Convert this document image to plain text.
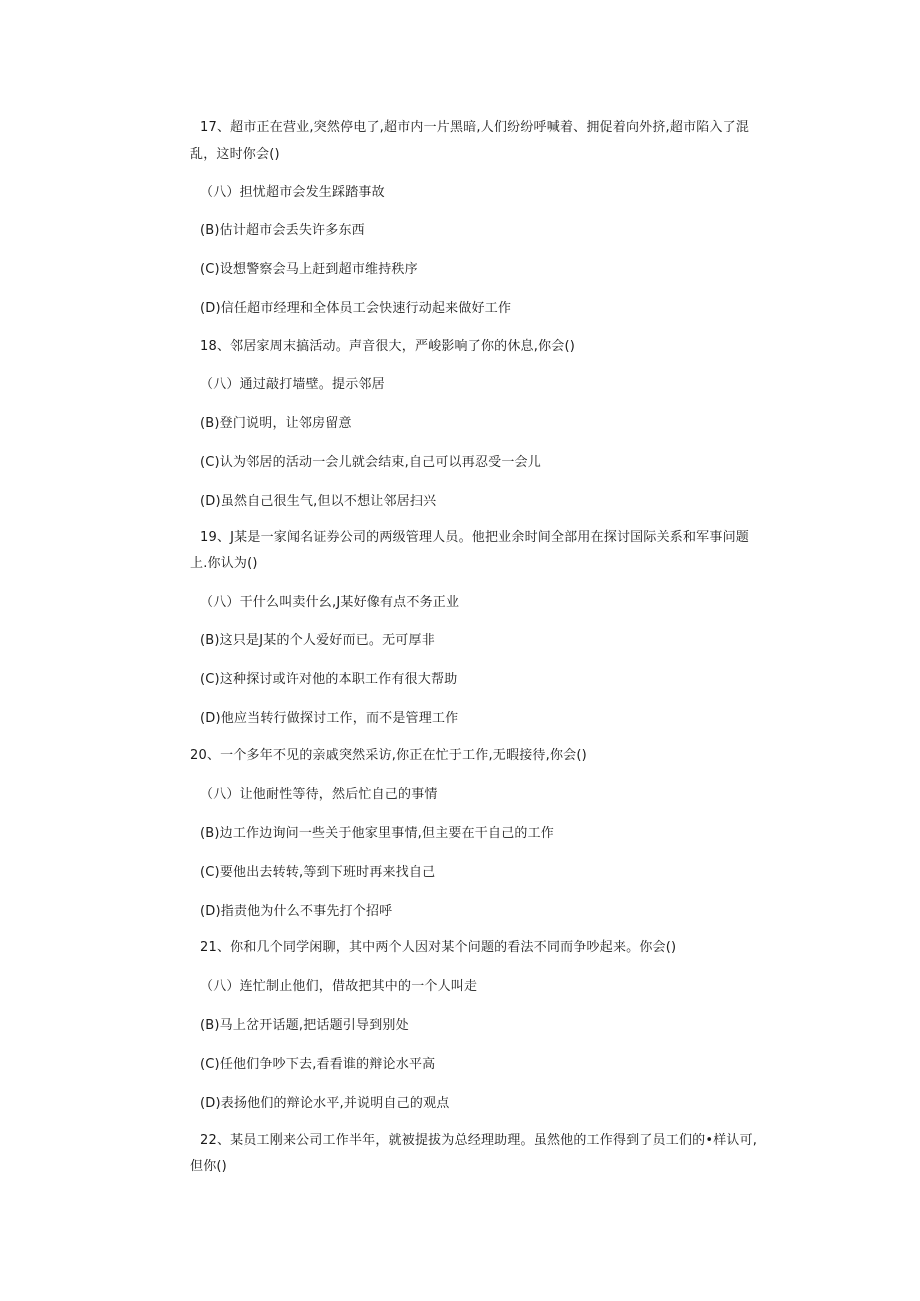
17、超市正在营业,突然停电了,超市内一片黑暗,人们纷纷呼喊着、拥促着向外挤,超市陷入了混
乱，这时你会()
（八）担忧超市会发生踩踏事故
(B)估计超市会丢失许多东西
(C)设想警察会马上赶到超市维持秩序
(D)信任超市经理和全体员工会快速行动起来做好工作
18、邻居家周末搞活动。声音很大，严峻影响了你的休息,你会()
（八）通过敲打墙壁。提示邻居
(B)登门说明，让邻房留意
(C)认为邻居的活动一会儿就会结束,自己可以再忍受一会儿
(D)虽然自己很生气,但以不想让邻居扫兴
19、J某是一家闻名证券公司的两级管理人员。他把业余时间全部用在探讨国际关系和军事问题
上.你认为()
（八）干什么叫卖什幺,J某好像有点不务正业
(B)这只是J某的个人爱好而已。无可厚非
(C)这种探讨或许对他的本职工作有很大帮助
(D)他应当转行做探讨工作，而不是管理工作
20、一个多年不见的亲戚突然采访,你正在忙于工作,无暇接待,你会()
（八）让他耐性等待，然后忙自己的事情
(B)边工作边询问一些关于他家里事情,但主要在干自己的工作
(C)要他出去转转,等到下班时再来找自己
(D)指责他为什么不事先打个招呼
21、你和几个同学闲聊，其中两个人因对某个问题的看法不同而争吵起来。你会()
（八）连忙制止他们，借故把其中的一个人叫走
(B)马上岔开话题,把话题引导到别处
(C)任他们争吵下去,看看谁的辩论水平高
(D)表扬他们的辩论水平,并说明自己的观点
22、某员工刚来公司工作半年，就被提拔为总经理助理。虽然他的工作得到了员工们的•样认可,
但你()
